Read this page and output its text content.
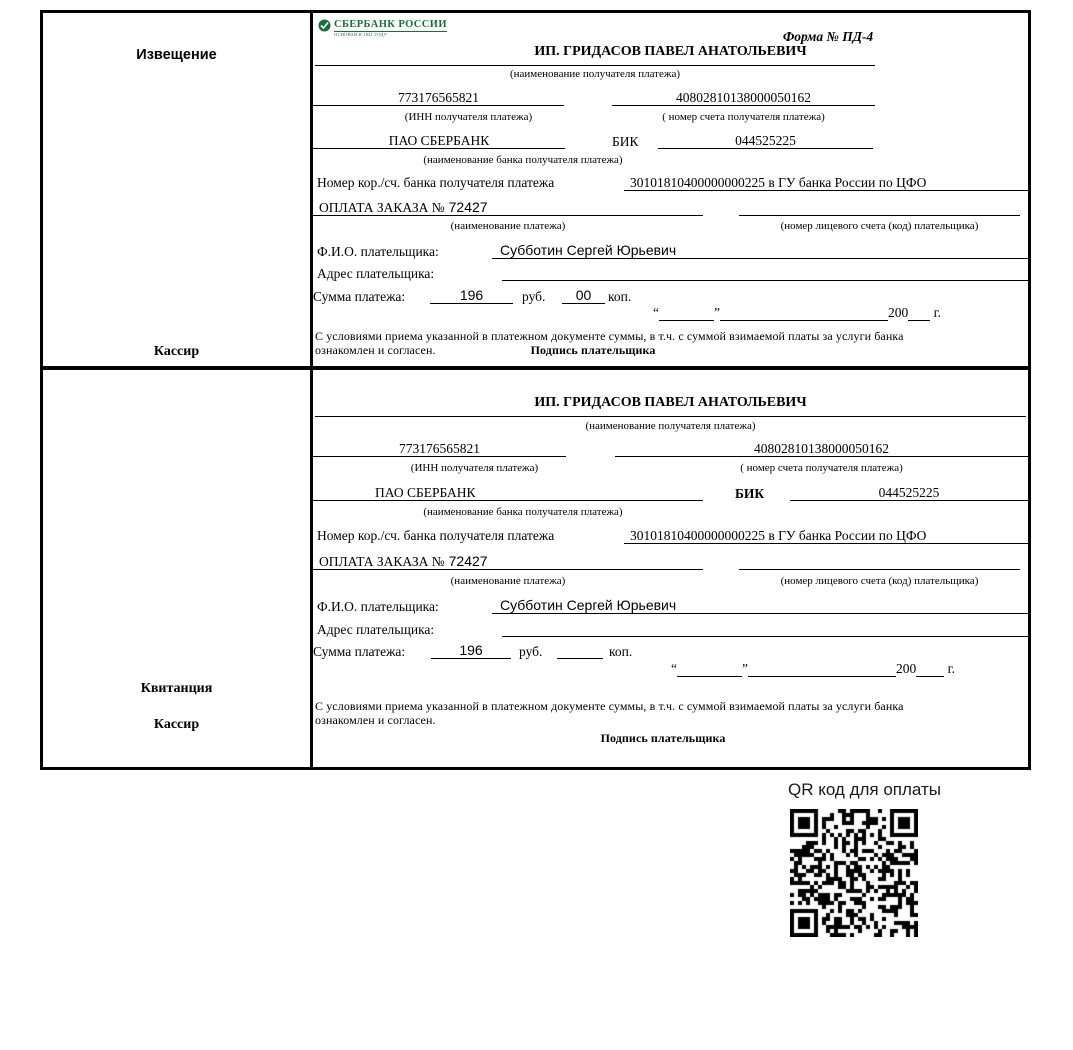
Извещение
Кассир
СБЕРБАНК РОССИИ
ОСНОВАН В 1841 ГОДУ	Форма № ПД-4
ИП. ГРИДАСОВ ПАВЕЛ АНАТОЛЬЕВИЧ
(наименование получателя платежа)
773176565821	40802810138000050162
(ИНН получателя платежа)	( номер счета получателя платежа)
ПАО СБЕРБАНК	БИК	044525225
(наименование банка получателя платежа)
Номер кор./сч. банка получателя платежа	30101810400000000225 в ГУ банка России по ЦФО
ОПЛАТА ЗАКАЗА № 72427
(наименование платежа)	(номер лицевого счета (код) плательщика)
Ф.И.О. плательщика:	Субботин Сергей Юрьевич
Адрес плательщика:
Сумма платежа:	196	руб.	00	коп.
“	”	200 г.
С условиями приема указанной в платежном документе суммы, в т.ч. с суммой взимаемой платы за услуги банка
ознакомлен и согласен.	Подпись плательщика
Квитанция
Кассир
ИП. ГРИДАСОВ ПАВЕЛ АНАТОЛЬЕВИЧ
(наименование получателя платежа)
773176565821	40802810138000050162
(ИНН получателя платежа)	( номер счета получателя платежа)
ПАО СБЕРБАНК	БИК	044525225
(наименование банка получателя платежа)
Номер кор./сч. банка получателя платежа	30101810400000000225 в ГУ банка России по ЦФО
ОПЛАТА ЗАКАЗА № 72427
(наименование платежа)	(номер лицевого счета (код) плательщика)
Ф.И.О. плательщика:	Субботин Сергей Юрьевич
Адрес плательщика:
Сумма платежа:	196	руб.	коп.
“	”	200 г.
С условиями приема указанной в платежном документе суммы, в т.ч. с суммой взимаемой платы за услуги банка
ознакомлен и согласен.
Подпись плательщика
QR код для оплаты
